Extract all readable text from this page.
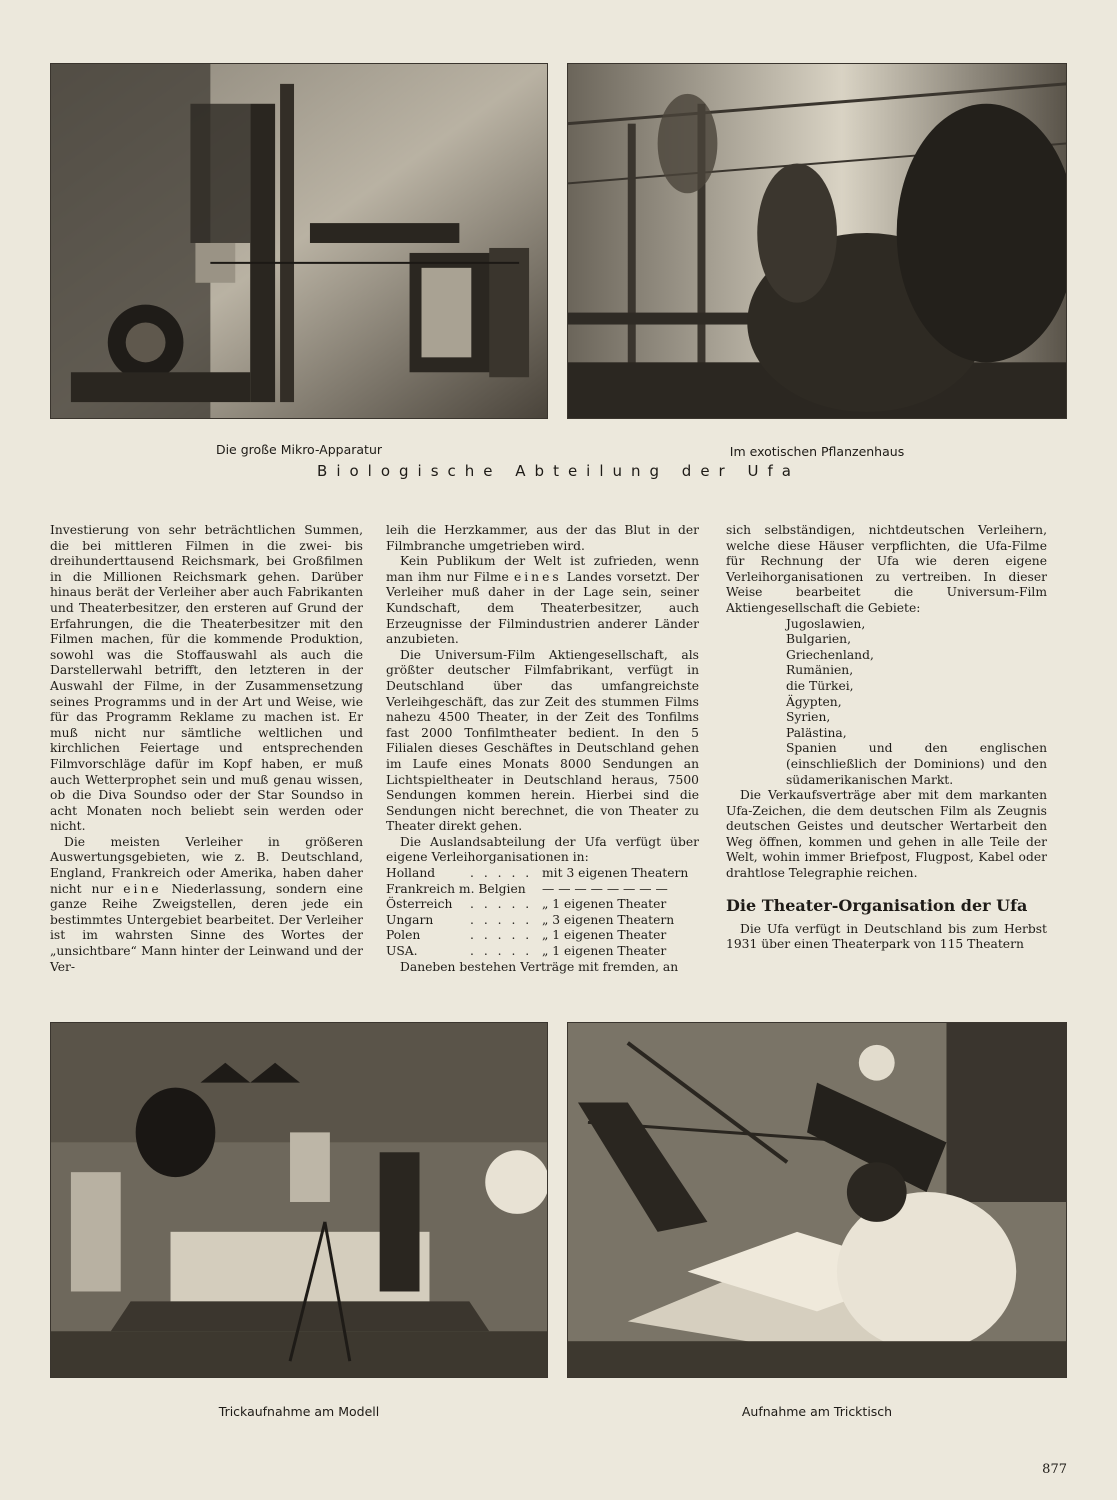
Die große Mikro-Apparatur	Im exotischen Pflanzenhaus
Biologische Abteilung der Ufa

Investierung von sehr beträchtlichen Summen, die bei mittleren Filmen in die zwei- bis dreihunderttausend Reichsmark, bei Großfilmen in die Millionen Reichsmark gehen. Darüber hinaus berät der Verleiher aber auch Fabrikanten und Theaterbesitzer, den ersteren auf Grund der Erfahrungen, die die Theaterbesitzer mit den Filmen machen, für die kommende Produktion, sowohl was die Stoffauswahl als auch die Darstellerwahl betrifft, den letzteren in der Auswahl der Filme, in der Zusammensetzung seines Programms und in der Art und Weise, wie für das Programm Reklame zu machen ist. Er muß nicht nur sämtliche weltlichen und kirchlichen Feiertage und entsprechenden Filmvorschläge dafür im Kopf haben, er muß auch Wetterprophet sein und muß genau wissen, ob die Diva Soundso oder der Star Soundso in acht Monaten noch beliebt sein werden oder nicht.

Die meisten Verleiher in größeren Auswertungsgebieten, wie z. B. Deutschland, England, Frankreich oder Amerika, haben daher nicht nur eine Niederlassung, sondern eine ganze Reihe Zweigstellen, deren jede ein bestimmtes Untergebiet bearbeitet. Der Verleiher ist im wahrsten Sinne des Wortes der „unsichtbare“ Mann hinter der Leinwand und der Ver-

leih die Herzkammer, aus der das Blut in der Filmbranche umgetrieben wird.

Kein Publikum der Welt ist zufrieden, wenn man ihm nur Filme eines Landes vorsetzt. Der Verleiher muß daher in der Lage sein, seiner Kundschaft, dem Theaterbesitzer, auch Erzeugnisse der Filmindustrien anderer Länder anzubieten.

Die Universum-Film Aktiengesellschaft, als größter deutscher Filmfabrikant, verfügt in Deutschland über das umfangreichste Verleihgeschäft, das zur Zeit des stummen Films nahezu 4500 Theater, in der Zeit des Tonfilms fast 2000 Tonfilmtheater bedient. In den 5 Filialen dieses Geschäftes in Deutschland gehen im Laufe eines Monats 8000 Sendungen an Lichtspieltheater in Deutschland heraus, 7500 Sendungen kommen herein. Hierbei sind die Sendungen nicht berechnet, die von Theater zu Theater direkt gehen.

Die Auslandsabteilung der Ufa verfügt über eigene Verleihorganisationen in:

Holland	. . . . . mit 3 eigenen Theatern
Frankreich m. Belgien	— — — — — — — —
Österreich	. . . . . „ 1 eigenen Theater
Ungarn	. . . . . „ 3 eigenen Theatern
Polen	. . . . . „ 1 eigenen Theater
USA.	. . . . . „ 1 eigenen Theater

Daneben bestehen Verträge mit fremden, an

sich selbständigen, nichtdeutschen Verleihern, welche diese Häuser verpflichten, die Ufa-Filme für Rechnung der Ufa wie deren eigene Verleihorganisationen zu vertreiben. In dieser Weise bearbeitet die Universum-Film Aktiengesellschaft die Gebiete:

Jugoslawien,
Bulgarien,
Griechenland,
Rumänien,
die Türkei,
Ägypten,
Syrien,
Palästina,
Spanien und den englischen (einschließlich der Dominions) und den südamerikanischen Markt.

Die Verkaufsverträge aber mit dem markanten Ufa-Zeichen, die dem deutschen Film als Zeugnis deutschen Geistes und deutscher Wertarbeit den Weg öffnen, kommen und gehen in alle Teile der Welt, wohin immer Briefpost, Flugpost, Kabel oder drahtlose Telegraphie reichen.

Die Theater-Organisation der Ufa

Die Ufa verfügt in Deutschland bis zum Herbst 1931 über einen Theaterpark von 115 Theatern

Trickaufnahme am Modell	Aufnahme am Tricktisch
877
